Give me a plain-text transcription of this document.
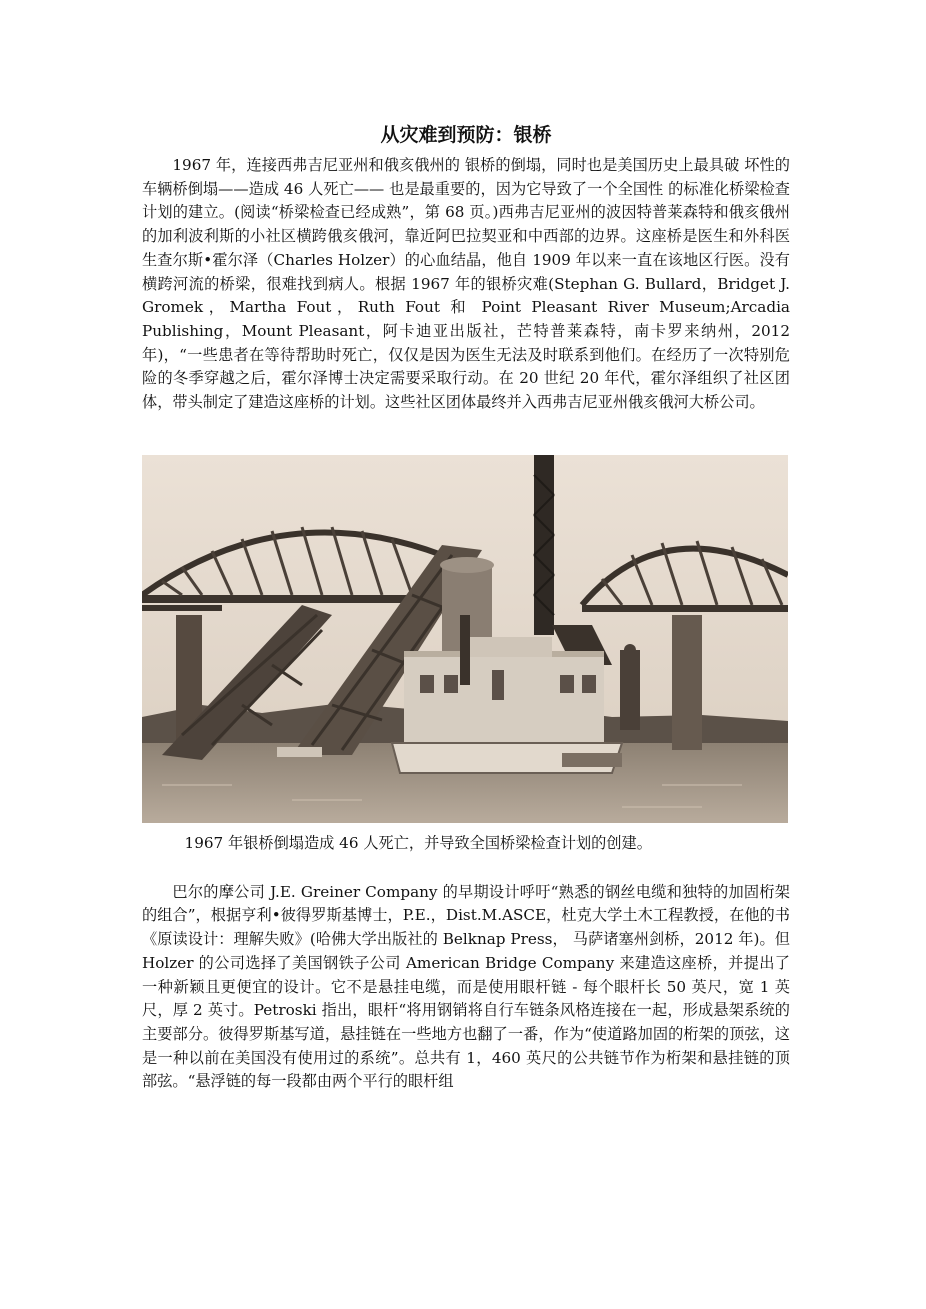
从灾难到预防：银桥

1967 年，连接西弗吉尼亚州和俄亥俄州的 银桥的倒塌，同时也是美国历史上最具破 坏性的车辆桥倒塌——造成 46 人死亡—— 也是最重要的，因为它导致了一个全国性 的标准化桥梁检查计划的建立。(阅读“桥梁检查已经成熟”，第 68 页。)西弗吉尼亚州的波因特普莱森特和俄亥俄州的加利波利斯的小社区横跨俄亥俄河，靠近阿巴拉契亚和中西部的边界。这座桥是医生和外科医生查尔斯•霍尔泽（Charles Holzer）的心血结晶，他自 1909 年以来一直在该地区行医。没有横跨河流的桥梁，很难找到病人。根据 1967 年的银桥灾难(Stephan G. Bullard，Bridget J. Gromek，Martha Fout，Ruth Fout 和 Point Pleasant River Museum;Arcadia Publishing，Mount Pleasant，阿卡迪亚出版社，芒特普莱森特，南卡罗来纳州，2012 年)，“一些患者在等待帮助时死亡，仅仅是因为医生无法及时联系到他们。在经历了一次特别危险的冬季穿越之后，霍尔泽博士决定需要采取行动。在 20 世纪 20 年代，霍尔泽组织了社区团体，带头制定了建造这座桥的计划。这些社区团体最终并入西弗吉尼亚州俄亥俄河大桥公司。

1967 年银桥倒塌造成 46 人死亡，并导致全国桥梁检查计划的创建。

巴尔的摩公司 J.E. Greiner Company 的早期设计呼吁“熟悉的钢丝电缆和独特的加固桁架的组合”，根据亨利•彼得罗斯基博士，P.E.，Dist.M.ASCE，杜克大学土木工程教授，在他的书《原读设计：理解失败》(哈佛大学出版社的 Belknap Press， 马萨诸塞州剑桥，2012 年)。但 Holzer 的公司选择了美国钢铁子公司 American Bridge Company 来建造这座桥，并提出了一种新颖且更便宜的设计。它不是悬挂电缆，而是使用眼杆链 - 每个眼杆长 50 英尺，宽 1 英尺，厚 2 英寸。Petroski 指出，眼杆“将用钢销将自行车链条风格连接在一起，形成悬架系统的主要部分。彼得罗斯基写道，悬挂链在一些地方也翻了一番，作为“使道路加固的桁架的顶弦，这是一种以前在美国没有使用过的系统”。总共有 1，460 英尺的公共链节作为桁架和悬挂链的顶部弦。“悬浮链的每一段都由两个平行的眼杆组
